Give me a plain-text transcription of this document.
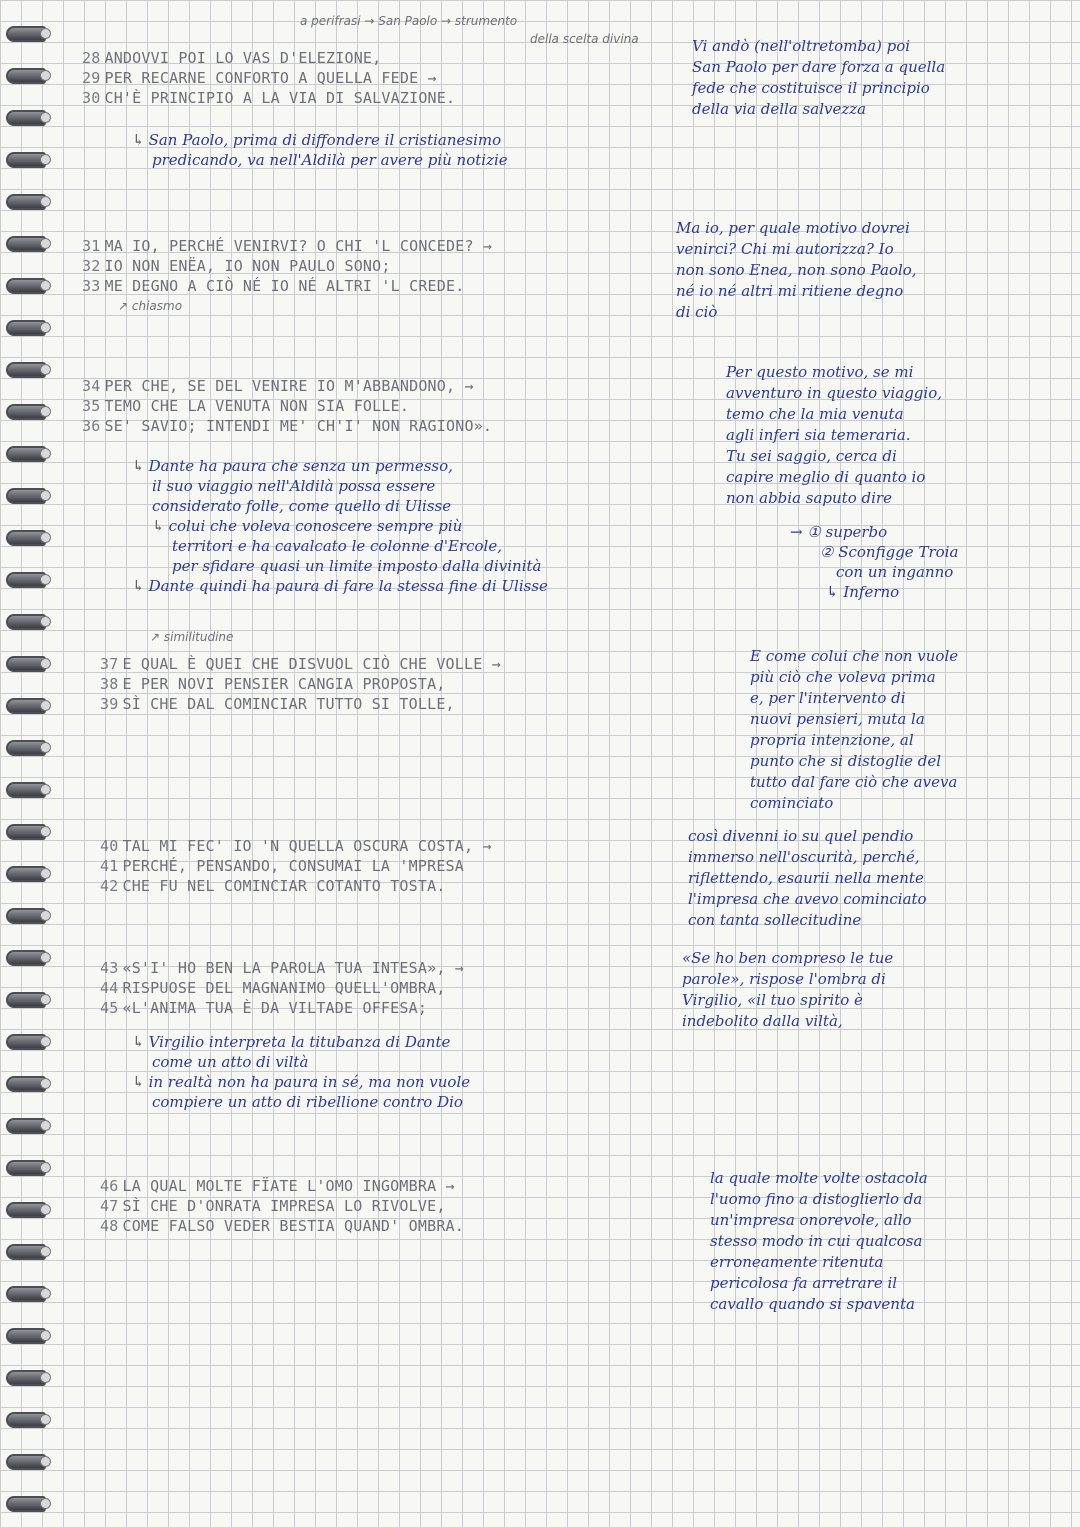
a perifrasi → San Paolo → strumento
della scelta divina
28 ANDOVVI POI LO VAS D'ELEZIONE,
29 PER RECARNE CONFORTO A QUELLA FEDE →
30 CH'È PRINCIPIO A LA VIA DI SALVAZIONE.
Vi andò (nell'oltretomba) poi
San Paolo per dare forza a quella
fede che costituisce il principio
della via della salvezza
↳ San Paolo, prima di diffondere il cristianesimo
predicando, va nell'Aldilà per avere più notizie
31 MA IO, PERCHÉ VENIRVI? O CHI 'L CONCEDE? →
32 IO NON ENËA, IO NON PAULO SONO;
33 ME DEGNO A CIÒ NÉ IO NÉ ALTRI 'L CREDE.
↗ chiasmo
Ma io, per quale motivo dovrei
venirci? Chi mi autorizza? Io
non sono Enea, non sono Paolo,
né io né altri mi ritiene degno
di ciò
34 PER CHE, SE DEL VENIRE IO M'ABBANDONO, →
35 TEMO CHE LA VENUTA NON SIA FOLLE.
36 SE' SAVIO; INTENDI ME' CH'I' NON RAGIONO».
Per questo motivo, se mi
avventuro in questo viaggio,
temo che la mia venuta
agli inferi sia temeraria.
Tu sei saggio, cerca di
capire meglio di quanto io
non abbia saputo dire
↳ Dante ha paura che senza un permesso,
il suo viaggio nell'Aldilà possa essere
considerato folle, come quello di Ulisse
↳ colui che voleva conoscere sempre più
territori e ha cavalcato le colonne d'Ercole,
per sfidare quasi un limite imposto dalla divinità
↳ Dante quindi ha paura di fare la stessa fine di Ulisse
→ ① superbo
② Sconfigge Troia
con un inganno
↳ Inferno
↗ similitudine
37 E QUAL È QUEI CHE DISVUOL CIÒ CHE VOLLE →
38 E PER NOVI PENSIER CANGIA PROPOSTA,
39 SÌ CHE DAL COMINCIAR TUTTO SI TOLLE,
E come colui che non vuole
più ciò che voleva prima
e, per l'intervento di
nuovi pensieri, muta la
propria intenzione, al
punto che si distoglie del
tutto dal fare ciò che aveva
cominciato
40 TAL MI FEC' IO 'N QUELLA OSCURA COSTA, →
41 PERCHÉ, PENSANDO, CONSUMAI LA 'MPRESA
42 CHE FU NEL COMINCIAR COTANTO TOSTA.
così divenni io su quel pendio
immerso nell'oscurità, perché,
riflettendo, esaurii nella mente
l'impresa che avevo cominciato
con tanta sollecitudine
43 «S'I' HO BEN LA PAROLA TUA INTESA», →
44 RISPUOSE DEL MAGNANIMO QUELL'OMBRA,
45 «L'ANIMA TUA È DA VILTADE OFFESA;
«Se ho ben compreso le tue
parole», rispose l'ombra di
Virgilio, «il tuo spirito è
indebolito dalla viltà,
↳ Virgilio interpreta la titubanza di Dante
come un atto di viltà
↳ in realtà non ha paura in sé, ma non vuole
compiere un atto di ribellione contro Dio
46 LA QUAL MOLTE FÏATE L'OMO INGOMBRA →
47 SÌ CHE D'ONRATA IMPRESA LO RIVOLVE,
48 COME FALSO VEDER BESTIA QUAND' OMBRA.
la quale molte volte ostacola
l'uomo fino a distoglierlo da
un'impresa onorevole, allo
stesso modo in cui qualcosa
erroneamente ritenuta
pericolosa fa arretrare il
cavallo quando si spaventa
